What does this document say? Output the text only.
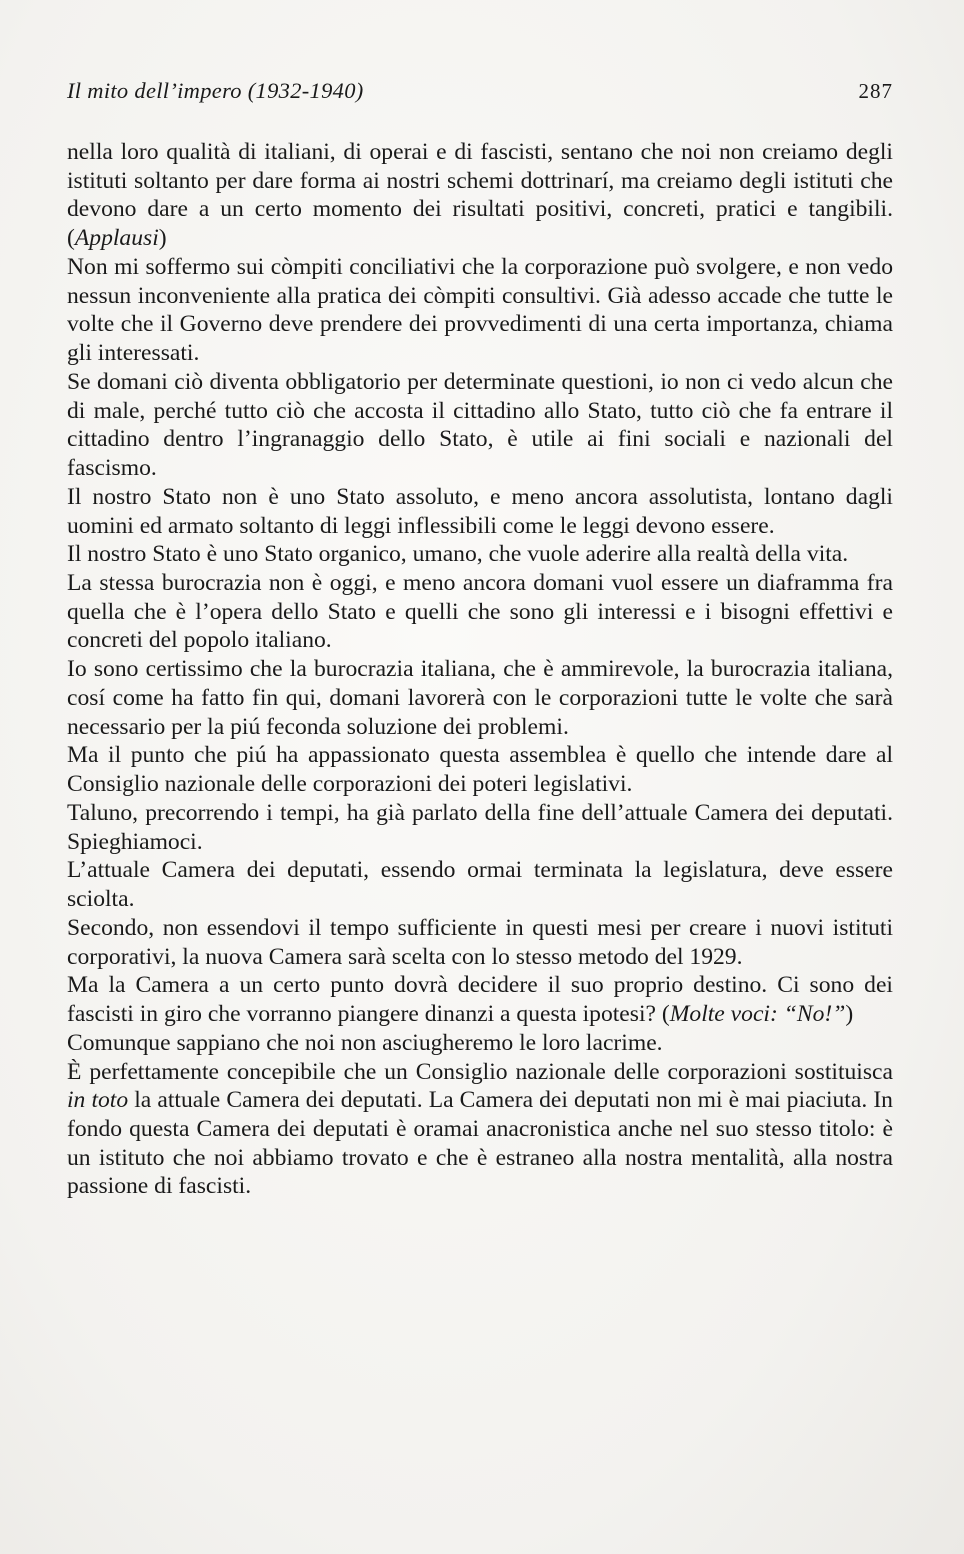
Il mito dell’impero (1932-1940)	287

nella loro qualità di italiani, di operai e di fascisti, sentano che noi non creiamo degli istituti soltanto per dare forma ai nostri schemi dottrinarí, ma creiamo degli istituti che devono dare a un certo momento dei risultati positivi, concreti, pratici e tangibili. (Applausi)

Non mi soffermo sui còmpiti conciliativi che la corporazione può svolgere, e non vedo nessun inconveniente alla pratica dei còmpiti consultivi. Già adesso accade che tutte le volte che il Governo deve prendere dei provvedimenti di una certa importanza, chiama gli interessati.

Se domani ciò diventa obbligatorio per determinate questioni, io non ci vedo alcun che di male, perché tutto ciò che accosta il cittadino allo Stato, tutto ciò che fa entrare il cittadino dentro l’ingranaggio dello Stato, è utile ai fini sociali e nazionali del fascismo.

Il nostro Stato non è uno Stato assoluto, e meno ancora assolutista, lontano dagli uomini ed armato soltanto di leggi inflessibili come le leggi devono essere.

Il nostro Stato è uno Stato organico, umano, che vuole aderire alla realtà della vita.

La stessa burocrazia non è oggi, e meno ancora domani vuol essere un diaframma fra quella che è l’opera dello Stato e quelli che sono gli interessi e i bisogni effettivi e concreti del popolo italiano.

Io sono certissimo che la burocrazia italiana, che è ammirevole, la burocrazia italiana, cosí come ha fatto fin qui, domani lavorerà con le corporazioni tutte le volte che sarà necessario per la piú feconda soluzione dei problemi.

Ma il punto che piú ha appassionato questa assemblea è quello che intende dare al Consiglio nazionale delle corporazioni dei poteri legislativi.

Taluno, precorrendo i tempi, ha già parlato della fine dell’attuale Camera dei deputati. Spieghiamoci.

L’attuale Camera dei deputati, essendo ormai terminata la legislatura, deve essere sciolta.

Secondo, non essendovi il tempo sufficiente in questi mesi per creare i nuovi istituti corporativi, la nuova Camera sarà scelta con lo stesso metodo del 1929.

Ma la Camera a un certo punto dovrà decidere il suo proprio destino. Ci sono dei fascisti in giro che vorranno piangere dinanzi a questa ipotesi? (Molte voci: “No!”)

Comunque sappiano che noi non asciugheremo le loro lacrime.

È perfettamente concepibile che un Consiglio nazionale delle corporazioni sostituisca in toto la attuale Camera dei deputati. La Camera dei deputati non mi è mai piaciuta. In fondo questa Camera dei deputati è oramai anacronistica anche nel suo stesso titolo: è un istituto che noi abbiamo trovato e che è estraneo alla nostra mentalità, alla nostra passione di fascisti.
